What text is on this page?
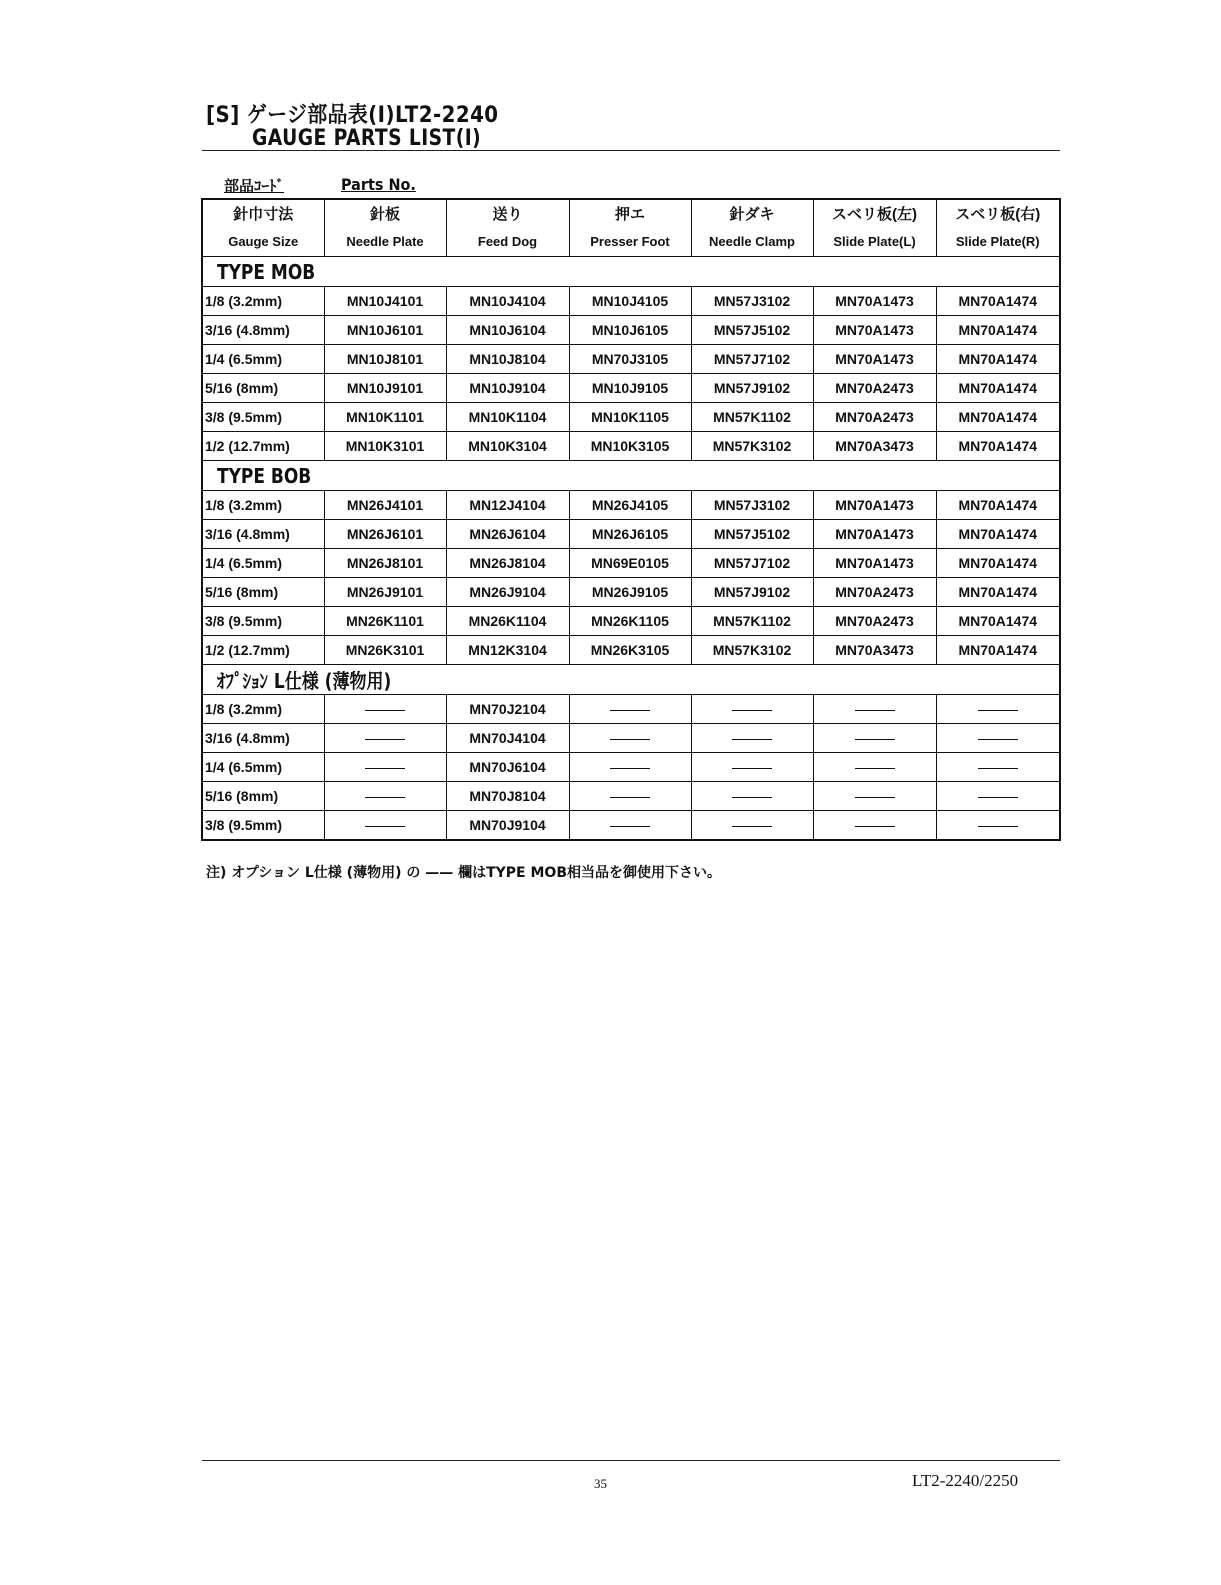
[S] ゲージ部品表(Ⅰ)LT2-2240
GAUGE PARTS LIST(Ⅰ)
部品ｺｰﾄﾞ	Parts No.
針巾寸法	針板	送り	押エ	針ダキ	スベリ板(左)	スベリ板(右)
Gauge Size	Needle Plate	Feed Dog	Presser Foot	Needle Clamp	Slide Plate(L)	Slide Plate(R)
TYPE MOB						
1/8 (3.2mm)	MN10J4101	MN10J4104	MN10J4105	MN57J3102	MN70A1473	MN70A1474
3/16 (4.8mm)	MN10J6101	MN10J6104	MN10J6105	MN57J5102	MN70A1473	MN70A1474
1/4 (6.5mm)	MN10J8101	MN10J8104	MN70J3105	MN57J7102	MN70A1473	MN70A1474
5/16 (8mm)	MN10J9101	MN10J9104	MN10J9105	MN57J9102	MN70A2473	MN70A1474
3/8 (9.5mm)	MN10K1101	MN10K1104	MN10K1105	MN57K1102	MN70A2473	MN70A1474
1/2 (12.7mm)	MN10K3101	MN10K3104	MN10K3105	MN57K3102	MN70A3473	MN70A1474
TYPE BOB						
1/8 (3.2mm)	MN26J4101	MN12J4104	MN26J4105	MN57J3102	MN70A1473	MN70A1474
3/16 (4.8mm)	MN26J6101	MN26J6104	MN26J6105	MN57J5102	MN70A1473	MN70A1474
1/4 (6.5mm)	MN26J8101	MN26J8104	MN69E0105	MN57J7102	MN70A1473	MN70A1474
5/16 (8mm)	MN26J9101	MN26J9104	MN26J9105	MN57J9102	MN70A2473	MN70A1474
3/8 (9.5mm)	MN26K1101	MN26K1104	MN26K1105	MN57K1102	MN70A2473	MN70A1474
1/2 (12.7mm)	MN26K3101	MN12K3104	MN26K3105	MN57K3102	MN70A3473	MN70A1474
ｵﾌﾟｼｮﾝ L仕様 (薄物用)						
1/8 (3.2mm)		MN70J2104				
3/16 (4.8mm)		MN70J4104				
1/4 (6.5mm)		MN70J6104				
5/16 (8mm)		MN70J8104				
3/8 (9.5mm)		MN70J9104				
注) オプション L仕様 (薄物用) の —— 欄はTYPE MOB相当品を御使用下さい。
35	LT2-2240/2250
